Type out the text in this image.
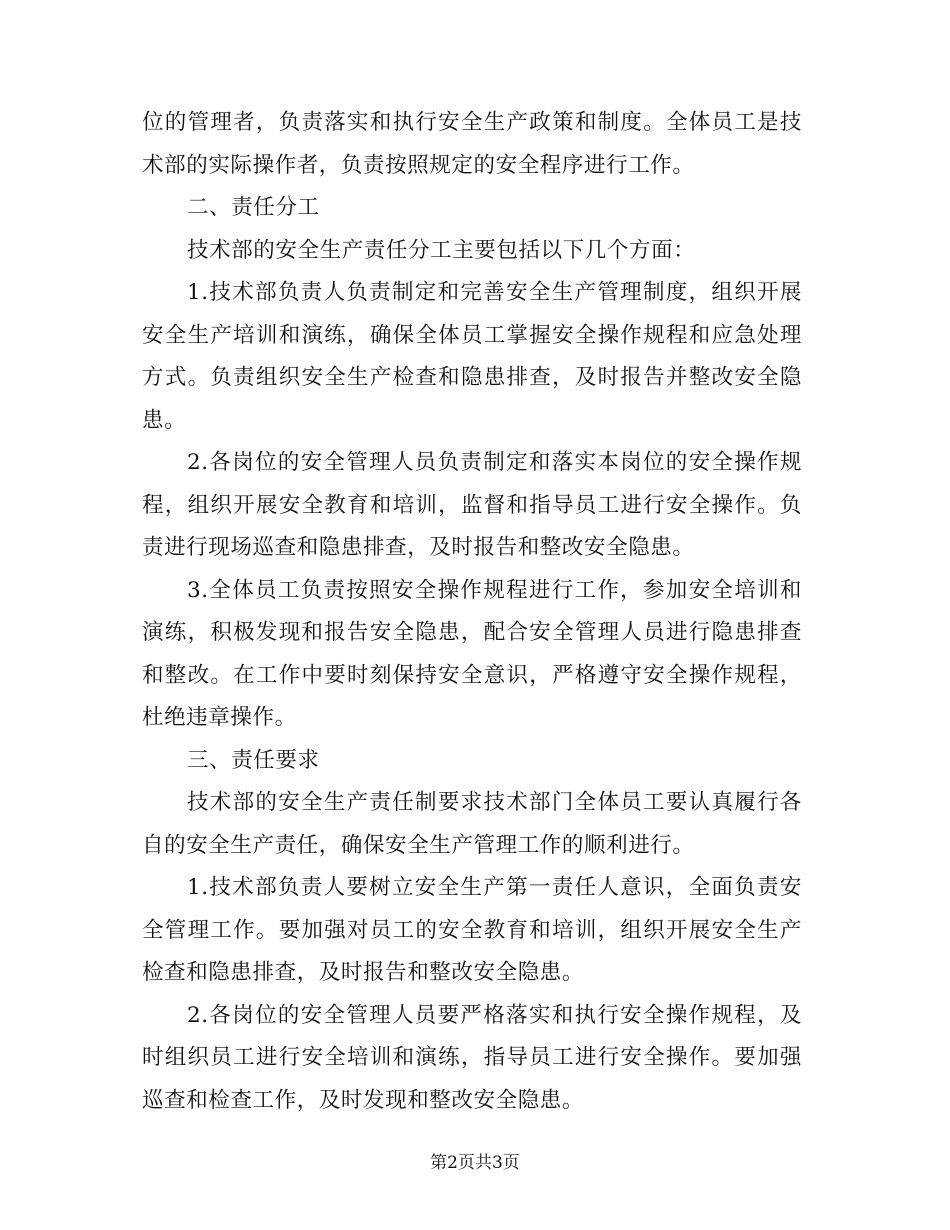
位的管理者，负责落实和执行安全生产政策和制度。全体员工是技术部的实际操作者，负责按照规定的安全程序进行工作。

二、责任分工

技术部的安全生产责任分工主要包括以下几个方面：

1.技术部负责人负责制定和完善安全生产管理制度，组织开展安全生产培训和演练，确保全体员工掌握安全操作规程和应急处理方式。负责组织安全生产检查和隐患排查，及时报告并整改安全隐患。

2.各岗位的安全管理人员负责制定和落实本岗位的安全操作规程，组织开展安全教育和培训，监督和指导员工进行安全操作。负责进行现场巡查和隐患排查，及时报告和整改安全隐患。

3.全体员工负责按照安全操作规程进行工作，参加安全培训和演练，积极发现和报告安全隐患，配合安全管理人员进行隐患排查和整改。在工作中要时刻保持安全意识，严格遵守安全操作规程，杜绝违章操作。

三、责任要求

技术部的安全生产责任制要求技术部门全体员工要认真履行各自的安全生产责任，确保安全生产管理工作的顺利进行。

1.技术部负责人要树立安全生产第一责任人意识，全面负责安全管理工作。要加强对员工的安全教育和培训，组织开展安全生产检查和隐患排查，及时报告和整改安全隐患。

2.各岗位的安全管理人员要严格落实和执行安全操作规程，及时组织员工进行安全培训和演练，指导员工进行安全操作。要加强巡查和检查工作，及时发现和整改安全隐患。

第2页共3页
